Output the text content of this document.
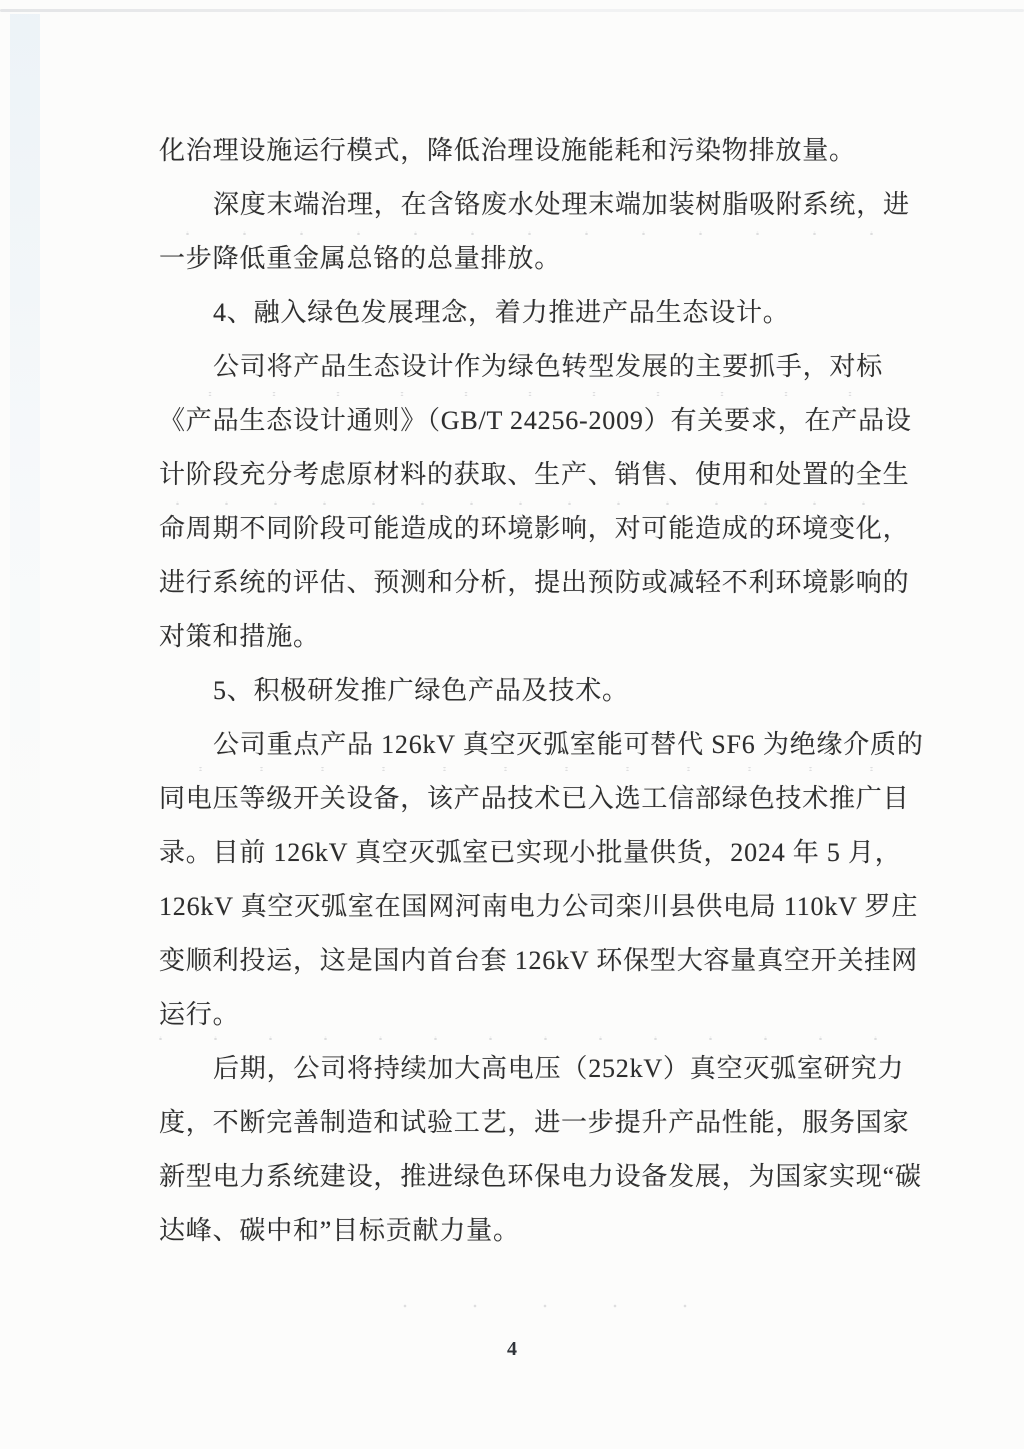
化治理设施运行模式，降低治理设施能耗和污染物排放量。
深度末端治理，在含铬废水处理末端加装树脂吸附系统，进
一步降低重金属总铬的总量排放。
4、融入绿色发展理念，着力推进产品生态设计。
公司将产品生态设计作为绿色转型发展的主要抓手，对标
《产品生态设计通则》（GB/T 24256-2009）有关要求，在产品设
计阶段充分考虑原材料的获取、生产、销售、使用和处置的全生
命周期不同阶段可能造成的环境影响，对可能造成的环境变化，
进行系统的评估、预测和分析，提出预防或减轻不利环境影响的
对策和措施。
5、积极研发推广绿色产品及技术。
公司重点产品 126kV 真空灭弧室能可替代 SF6 为绝缘介质的
同电压等级开关设备，该产品技术已入选工信部绿色技术推广目
录。目前 126kV 真空灭弧室已实现小批量供货，2024 年 5 月，
126kV 真空灭弧室在国网河南电力公司栾川县供电局 110kV 罗庄
变顺利投运，这是国内首台套 126kV 环保型大容量真空开关挂网
运行。
后期，公司将持续加大高电压（252kV）真空灭弧室研究力
度，不断完善制造和试验工艺，进一步提升产品性能，服务国家
新型电力系统建设，推进绿色环保电力设备发展，为国家实现“碳
达峰、碳中和”目标贡献力量。
4
